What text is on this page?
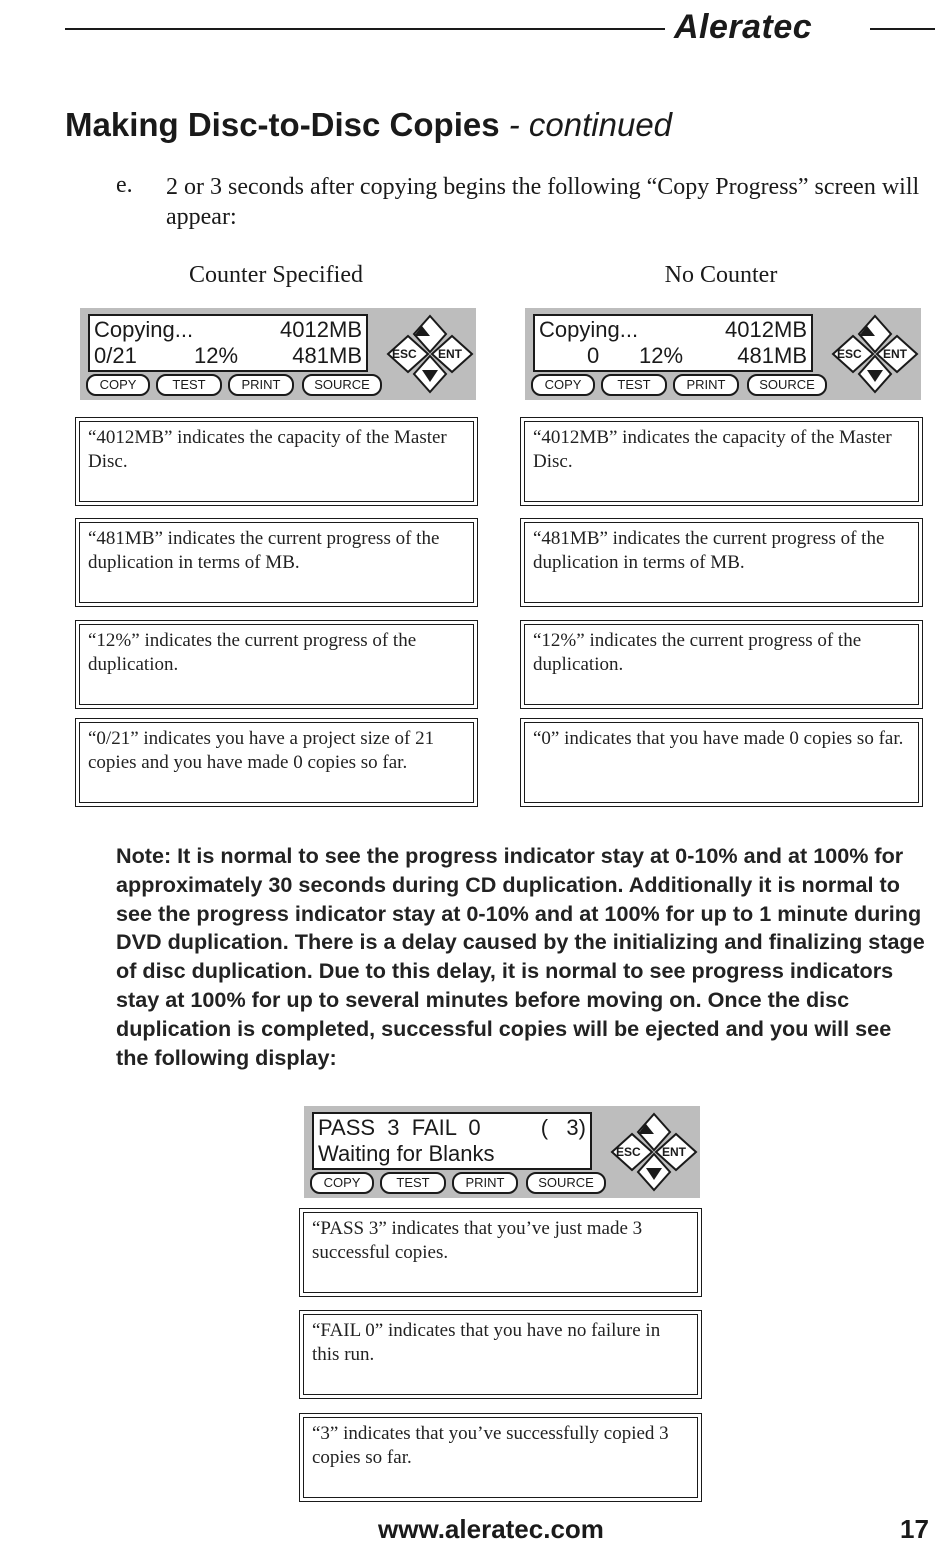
Aleratec
Making Disc-to-Disc Copies - continued
e. 2 or 3 seconds after copying begins the following “Copy Progress” screen will appear:
Counter Specified	No Counter
Copying...	4012MB
0/21	12% 481MB
COPY	TEST	PRINT	SOURCE
ESC ENT
Copying...	4012MB
0 12% 481MB
COPY	TEST	PRINT	SOURCE
ESC ENT
“4012MB” indicates the capacity of the Master Disc.
“481MB” indicates the current progress of the duplication in terms of MB.
“12%” indicates the current progress of the duplication.
“0/21” indicates you have a project size of 21 copies and you have made 0 copies so far.
“4012MB” indicates the capacity of the Master Disc.
“481MB” indicates the current progress of the duplication in terms of MB.
“12%” indicates the current progress of the duplication.
“0” indicates that you have made 0 copies so far.
Note: It is normal to see the progress indicator stay at 0-10% and at 100% for approximately 30 seconds during CD duplication. Additionally it is normal to see the progress indicator stay at 0-10% and at 100% for up to 1 minute during DVD duplication. There is a delay caused by the initializing and finalizing stage of disc duplication. Due to this delay, it is normal to see progress indicators stay at 100% for up to several minutes before moving on. Once the disc duplication is completed, successful copies will be ejected and you will see the following display:
PASS  3  FAIL  0	(   3)
Waiting for Blanks
COPY	TEST	PRINT	SOURCE
ESC ENT
“PASS 3” indicates that you’ve just made 3 successful copies.
“FAIL 0” indicates that you have no failure in this run.
“3” indicates that you’ve successfully copied 3 copies so far.
www.aleratec.com	17
